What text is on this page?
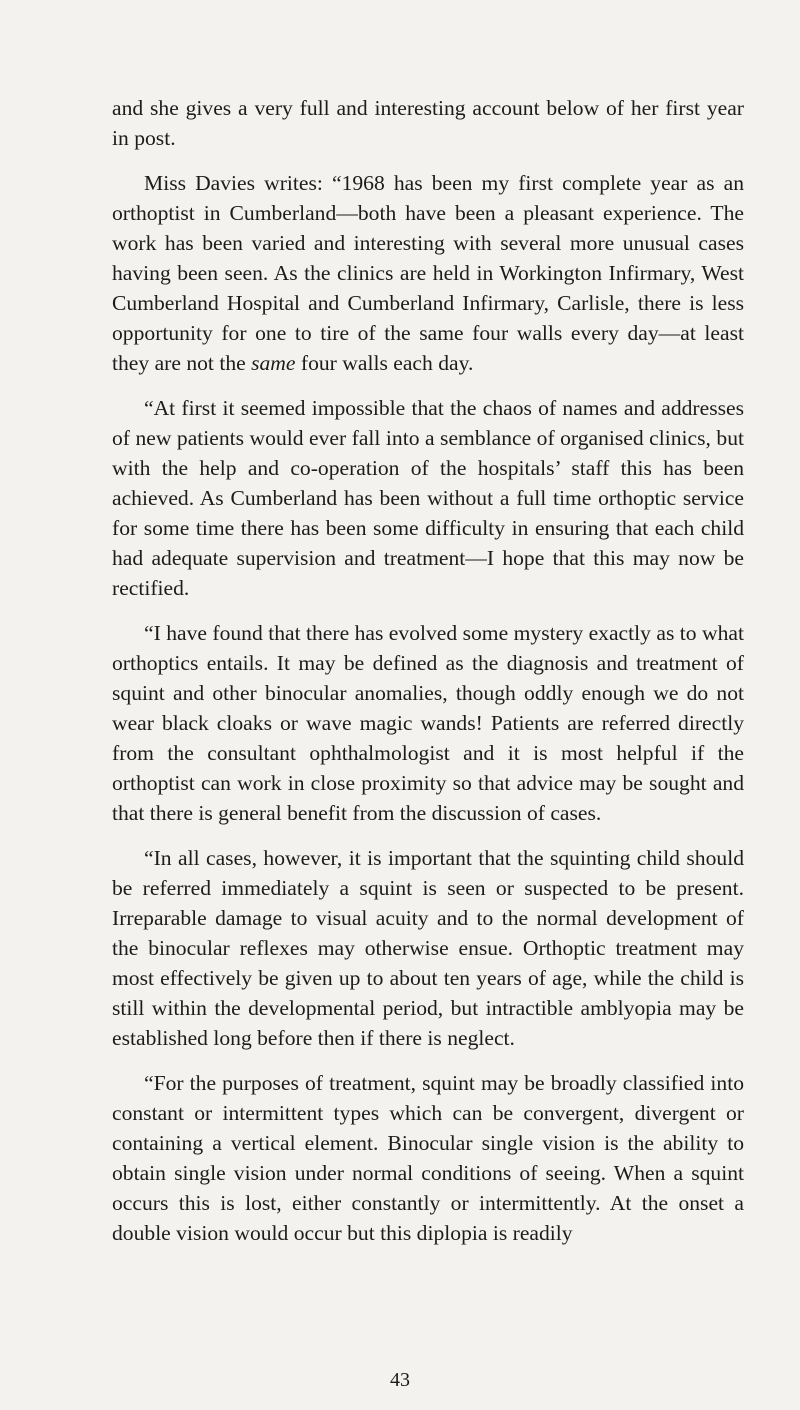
and she gives a very full and interesting account below of her first year in post.

Miss Davies writes: “1968 has been my first complete year as an orthoptist in Cumberland—both have been a pleasant experience. The work has been varied and interesting with several more unusual cases having been seen. As the clinics are held in Workington Infirmary, West Cumberland Hospital and Cumberland Infirmary, Carlisle, there is less opportunity for one to tire of the same four walls every day—at least they are not the same four walls each day.

“At first it seemed impossible that the chaos of names and addresses of new patients would ever fall into a semblance of organised clinics, but with the help and co-operation of the hospitals’ staff this has been achieved. As Cumberland has been without a full time orthoptic service for some time there has been some difficulty in ensuring that each child had adequate supervision and treatment—I hope that this may now be rectified.

“I have found that there has evolved some mystery exactly as to what orthoptics entails. It may be defined as the diagnosis and treatment of squint and other binocular anomalies, though oddly enough we do not wear black cloaks or wave magic wands! Patients are referred directly from the consultant ophthalmologist and it is most helpful if the orthoptist can work in close proximity so that advice may be sought and that there is general benefit from the discussion of cases.

“In all cases, however, it is important that the squinting child should be referred immediately a squint is seen or suspected to be present. Irreparable damage to visual acuity and to the normal development of the binocular reflexes may otherwise ensue. Orthoptic treatment may most effectively be given up to about ten years of age, while the child is still within the developmental period, but intractible amblyopia may be established long before then if there is neglect.

“For the purposes of treatment, squint may be broadly classified into constant or intermittent types which can be convergent, divergent or containing a vertical element. Binocular single vision is the ability to obtain single vision under normal conditions of seeing. When a squint occurs this is lost, either constantly or intermittently. At the onset a double vision would occur but this diplopia is readily

43
